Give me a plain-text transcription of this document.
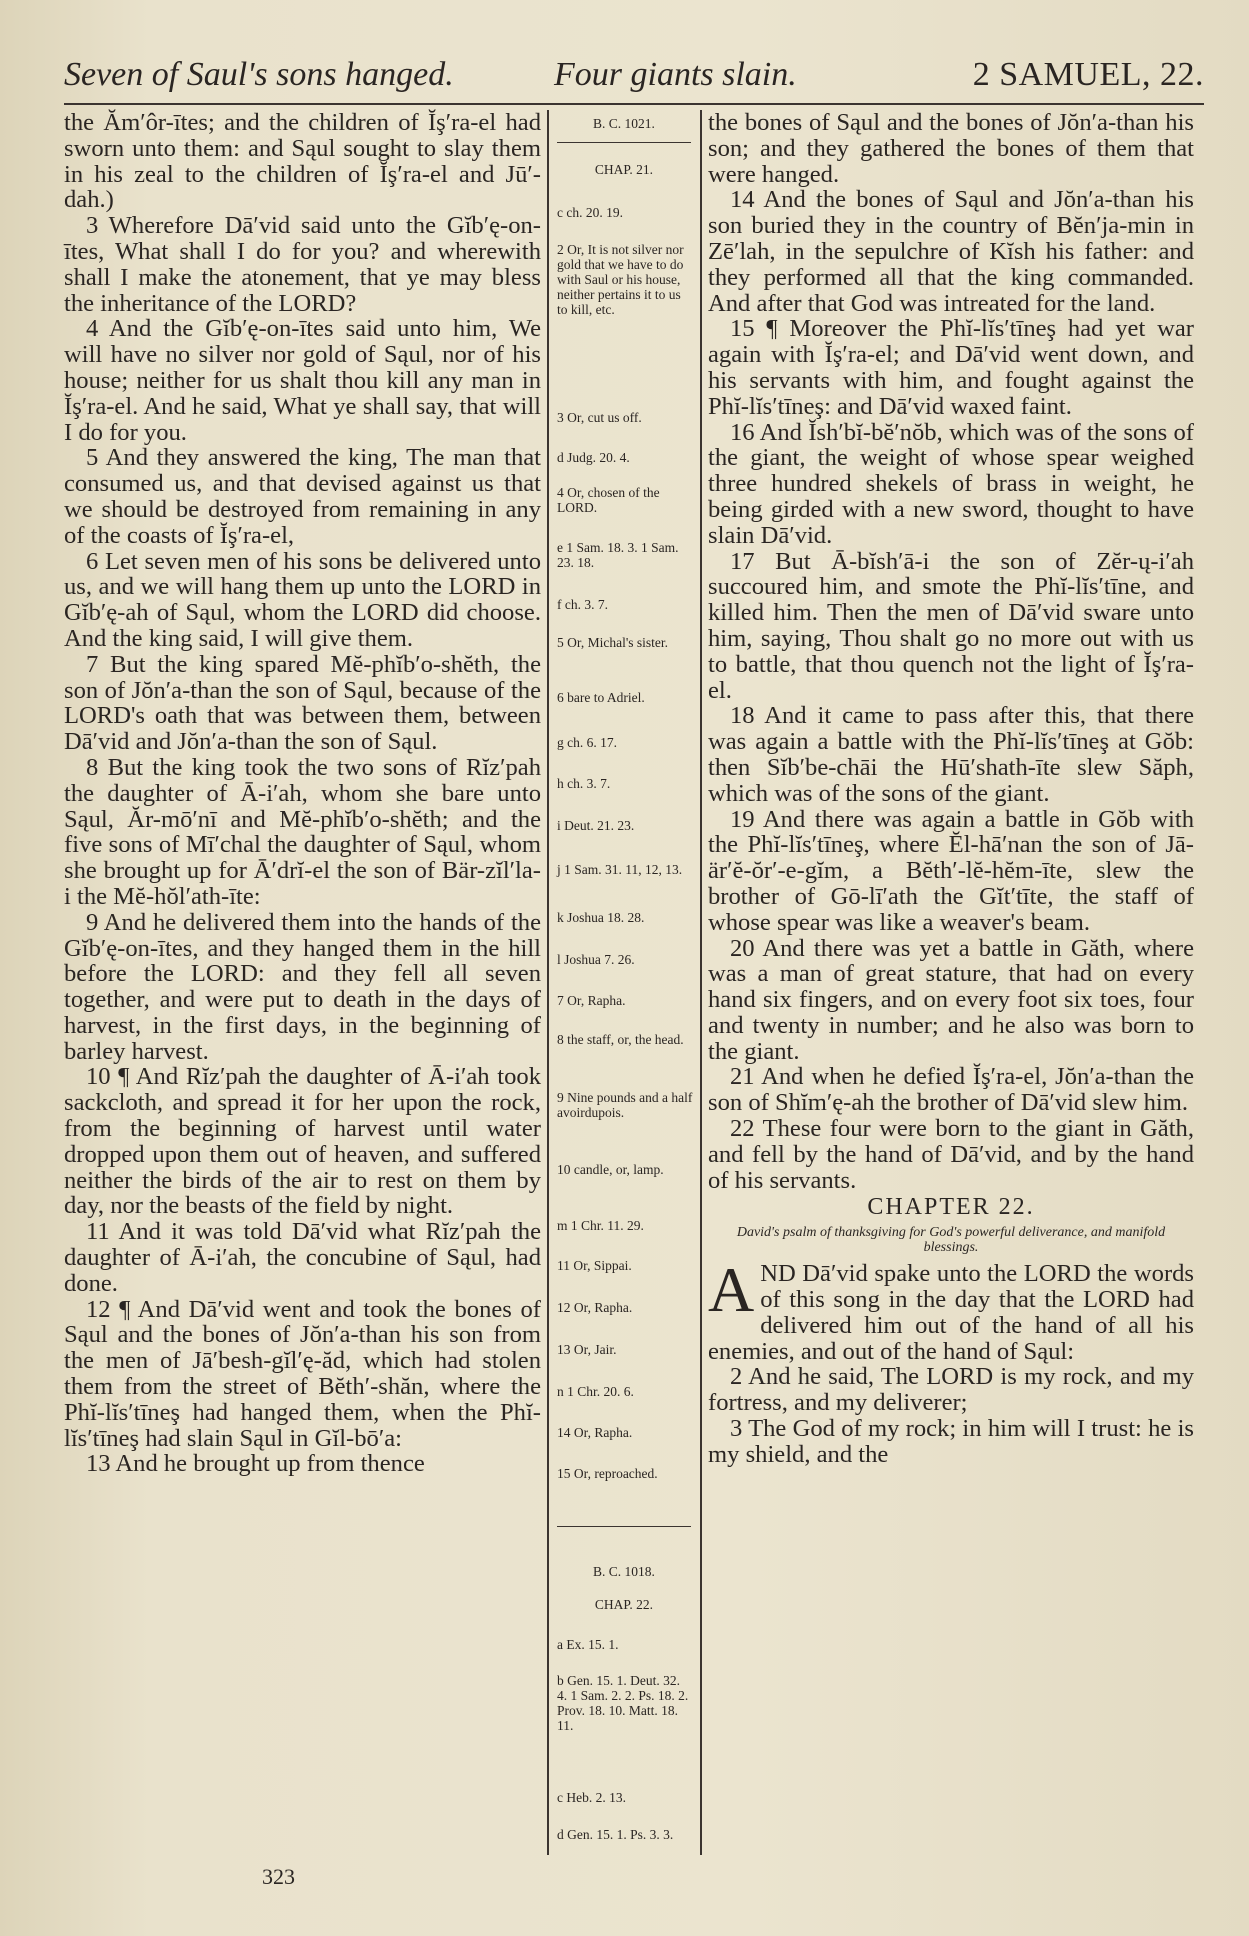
Seven of Saul's sons hanged.	Four giants slain.	2 SAMUEL, 22.

the Ăm′ôr-ītes; and the children of Ĭş′ra-el had sworn unto them: and Sąul sought to slay them in his zeal to the children of Ĭş′ra-el and Jū′-dah.)

3 Wherefore Dā′vid said unto the Gĭb′ę-on-ītes, What shall I do for you? and wherewith shall I make the atonement, that ye may bless the inheritance of the LORD?

4 And the Gĭb′ę-on-ītes said unto him, We will have no silver nor gold of Sąul, nor of his house; neither for us shalt thou kill any man in Ĭş′ra-el. And he said, What ye shall say, that will I do for you.

5 And they answered the king, The man that consumed us, and that devised against us that we should be destroyed from remaining in any of the coasts of Ĭş′ra-el,

6 Let seven men of his sons be delivered unto us, and we will hang them up unto the LORD in Gĭb′ę-ah of Sąul, whom the LORD did choose. And the king said, I will give them.

7 But the king spared Mĕ-phĭb′o-shĕth, the son of Jŏn′a-than the son of Sąul, because of the LORD's oath that was between them, between Dā′vid and Jŏn′a-than the son of Sąul.

8 But the king took the two sons of Rĭz′pah the daughter of Ā-i′ah, whom she bare unto Sąul, Ăr-mō′nī and Mĕ-phĭb′o-shĕth; and the five sons of Mī′chal the daughter of Sąul, whom she brought up for Ā′drĭ-el the son of Bär-zĭl′la-i the Mĕ-hŏl′ath-īte:

9 And he delivered them into the hands of the Gĭb′ę-on-ītes, and they hanged them in the hill before the LORD: and they fell all seven together, and were put to death in the days of harvest, in the first days, in the beginning of barley harvest.

10 ¶ And Rĭz′pah the daughter of Ā-i′ah took sackcloth, and spread it for her upon the rock, from the beginning of harvest until water dropped upon them out of heaven, and suffered neither the birds of the air to rest on them by day, nor the beasts of the field by night.

11 And it was told Dā′vid what Rĭz′pah the daughter of Ā-i′ah, the concubine of Sąul, had done.

12 ¶ And Dā′vid went and took the bones of Sąul and the bones of Jŏn′a-than his son from the men of Jā′besh-gĭl′ę-ăd, which had stolen them from the street of Bĕth′-shăn, where the Phĭ-lĭs′tīneş had hanged them, when the Phĭ-lĭs′tīneş had slain Sąul in Gĭl-bō′a:

13 And he brought up from thence

B. C. 1021.
CHAP. 21.
c ch. 20. 19.
2 Or, It is not silver nor gold that we have to do with Saul or his house, neither pertains it to us to kill, etc.
3 Or, cut us off.
d Judg. 20. 4.
4 Or, chosen of the LORD.
e 1 Sam. 18. 3. 1 Sam. 23. 18.
f ch. 3. 7.
5 Or, Michal's sister.
6 bare to Adriel.
g ch. 6. 17.
h ch. 3. 7.
i Deut. 21. 23.
j 1 Sam. 31. 11, 12, 13.
k Joshua 18. 28.
l Joshua 7. 26.
7 Or, Rapha.
8 the staff, or, the head.
9 Nine pounds and a half avoirdupois.
10 candle, or, lamp.
m 1 Chr. 11. 29.
11 Or, Sippai.
12 Or, Rapha.
13 Or, Jair.
n 1 Chr. 20. 6.
14 Or, Rapha.
15 Or, reproached.
B. C. 1018.
CHAP. 22.
a Ex. 15. 1.
b Gen. 15. 1. Deut. 32. 4. 1 Sam. 2. 2. Ps. 18. 2. Prov. 18. 10. Matt. 18. 11.
c Heb. 2. 13.
d Gen. 15. 1. Ps. 3. 3.

the bones of Sąul and the bones of Jŏn′a-than his son; and they gathered the bones of them that were hanged.

14 And the bones of Sąul and Jŏn′a-than his son buried they in the country of Bĕn′ja-min in Zē′lah, in the sepulchre of Kĭsh his father: and they performed all that the king commanded. And after that God was intreated for the land.

15 ¶ Moreover the Phĭ-lĭs′tīneş had yet war again with Ĭş′ra-el; and Dā′vid went down, and his servants with him, and fought against the Phĭ-lĭs′tīneş: and Dā′vid waxed faint.

16 And Ĭsh′bĭ-bĕ′nŏb, which was of the sons of the giant, the weight of whose spear weighed three hundred shekels of brass in weight, he being girded with a new sword, thought to have slain Dā′vid.

17 But Ā-bĭsh′ā-i the son of Zĕr-ų-i′ah succoured him, and smote the Phĭ-lĭs′tīne, and killed him. Then the men of Dā′vid sware unto him, saying, Thou shalt go no more out with us to battle, that thou quench not the light of Ĭş′ra-el.

18 And it came to pass after this, that there was again a battle with the Phĭ-lĭs′tīneş at Gŏb: then Sĭb′be-chāi the Hū′shath-īte slew Săph, which was of the sons of the giant.

19 And there was again a battle in Gŏb with the Phĭ-lĭs′tīneş, where Ĕl-hā′nan the son of Jā-är′ĕ-ŏr′-e-gĭm, a Bĕth′-lĕ-hĕm-īte, slew the brother of Gō-lī′ath the Gĭt′tīte, the staff of whose spear was like a weaver's beam.

20 And there was yet a battle in Găth, where was a man of great stature, that had on every hand six fingers, and on every foot six toes, four and twenty in number; and he also was born to the giant.

21 And when he defied Ĭş′ra-el, Jŏn′a-than the son of Shĭm′ę-ah the brother of Dā′vid slew him.

22 These four were born to the giant in Găth, and fell by the hand of Dā′vid, and by the hand of his servants.

CHAPTER 22.
David's psalm of thanksgiving for God's powerful deliverance, and manifold blessings.

AND Dā′vid spake unto the LORD the words of this song in the day that the LORD had delivered him out of the hand of all his enemies, and out of the hand of Sąul:

2 And he said, The LORD is my rock, and my fortress, and my deliverer;

3 The God of my rock; in him will I trust: he is my shield, and the

323
